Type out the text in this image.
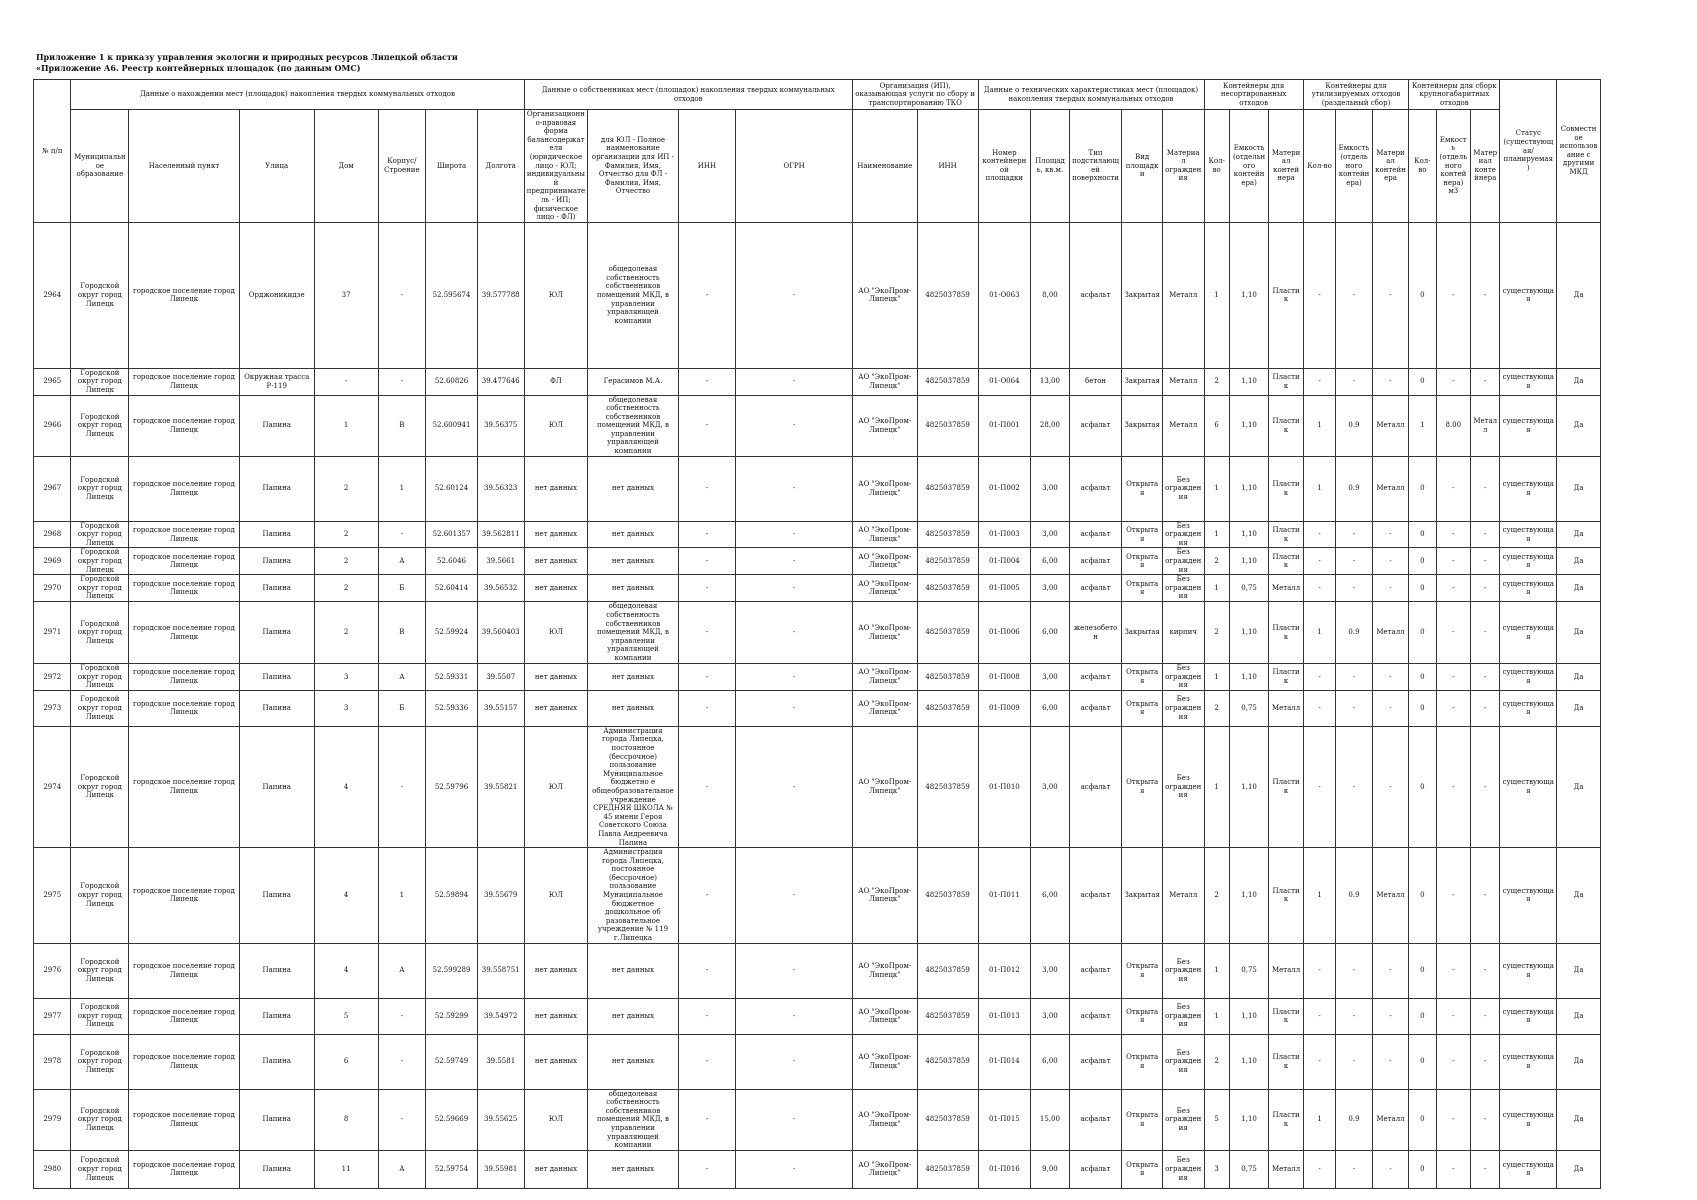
Приложение 1 к приказу управления экологии и природных ресурсов Липецкой области
«Приложение А6. Реестр контейнерных площадок (по данным ОМС)
№ п/п	Данные о нахождении мест (площадок) накопления твердых коммунальных отходов							Данные о собственниках мест (площадок) накопления твердых коммунальных отходов				Организация (ИП), оказывающая услуги по сбору и транспортированию ТКО		Данные о технических характеристиках мест (площадок) накопления твердых коммунальных отходов					Контейнеры для несортированных отходов			Контейнеры для утилизируемых отходов (раздельный сбор)			Контейнеры для сборк крупногабаритных отходов			Статус (существующая/планируемая)	Совместное использование с другими МКД
	Муниципальное образование	Населенный пункт	Улица	Дом	Корпус/Строение	Широта	Долгота	Организационно-правовая форма балансодержателя (юридическое лицо - ЮЛ; индивидуальный предприниматель - ИП; физическое лицо - ФЛ)	для ЮЛ - Полное наименование организации для ИП - Фамилия, Имя, Отчество для ФЛ - Фамилия, Имя, Отчество	ИНН	ОГРН	Наименование	ИНН	Номер контейнерной площадки	Площадь, кв.м.	Тип подстилающей поверхности	Вид площадки	Материал ограждения	Кол-во	Емкость (отдельного контейнера)	Материал контейнера	Кол-во	Емкость (отдельного контейнера)	Материал контейнера	Кол-во	Емкость (отдельного контейнера) м3	Материал контейнера		
2964	Городской округ город Липецк	городское поселение город Липецк	Орджоникидзе	37	-	52.595674	39.577788	ЮЛ	общедолевая собственность собственников помещений МКД, в управлении управляющей компании	-	-	АО "ЭкоПром-Липецк"	4825037859	01-О063	8,00	асфальт	Закрытая	Металл	1	1,10	Пластик	-	-	-	0	-	-	существующая	Да
2965	Городской округ город Липецк	городское поселение город Липецк	Окружная трасса Р-119	-	-	52.60826	39.477646	ФЛ	Герасимов М.А.	-	-	АО "ЭкоПром-Липецк"	4825037859	01-О064	13,00	бетон	Закрытая	Металл	2	1,10	Пластик	-	-	-	0	-	-	существующая	Да
2966	Городской округ город Липецк	городское поселение город Липецк	Папина	1	В	52.600941	39.56375	ЮЛ	общедолевая собственность собственников помещений МКД, в управлении управляющей компании	-	-	АО "ЭкоПром-Липецк"	4825037859	01-П001	28,00	асфальт	Закрытая	Металл	6	1,10	Пластик	1	0.9	Металл	1	8.00	Металл	существующая	Да
2967	Городской округ город Липецк	городское поселение город Липецк	Папина	2	1	52.60124	39.56323	нет данных	нет данных	-	-	АО "ЭкоПром-Липецк"	4825037859	01-П002	3,00	асфальт	Открытая	Без ограждения	1	1,10	Пластик	1	0.9	Металл	0	-	-	существующая	Да
2968	Городской округ город Липецк	городское поселение город Липецк	Папина	2	-	52.601357	39.562811	нет данных	нет данных	-	-	АО "ЭкоПром-Липецк"	4825037859	01-П003	3,00	асфальт	Открытая	Без ограждения	1	1,10	Пластик	-	-	-	0	-	-	существующая	Да
2969	Городской округ город Липецк	городское поселение город Липецк	Папина	2	А	52.6046	39.5661	нет данных	нет данных	-	-	АО "ЭкоПром-Липецк"	4825037859	01-П004	6,00	асфальт	Открытая	Без ограждения	2	1,10	Пластик	-	-	-	0	-	-	существующая	Да
2970	Городской округ город Липецк	городское поселение город Липецк	Папина	2	Б	52.60414	39.56532	нет данных	нет данных	-	-	АО "ЭкоПром-Липецк"	4825037859	01-П005	3,00	асфальт	Открытая	Без ограждения	1	0,75	Металл	-	-	-	0	-	-	существующая	Да
2971	Городской округ город Липецк	городское поселение город Липецк	Папина	2	В	52.59924	39.560403	ЮЛ	общедолевая собственность собственников помещений МКД, в управлении управляющей компании	-	-	АО "ЭкоПром-Липецк"	4825037859	01-П006	6,00	железобетон	Закрытая	кирпич	2	1,10	Пластик	1	0.9	Металл	0	-	-	существующая	Да
2972	Городской округ город Липецк	городское поселение город Липецк	Папина	3	А	52.59331	39.5507	нет данных	нет данных	-	-	АО "ЭкоПром-Липецк"	4825037859	01-П008	3,00	асфальт	Открытая	Без ограждения	1	1,10	Пластик	-	-	-	0	-	-	существующая	Да
2973	Городской округ город Липецк	городское поселение город Липецк	Папина	3	Б	52.59336	39.55157	нет данных	нет данных	-	-	АО "ЭкоПром-Липецк"	4825037859	01-П009	6,00	асфальт	Открытая	Без ограждения	2	0,75	Металл	-	-	-	0	-	-	существующая	Да
2974	Городской округ город Липецк	городское поселение город Липецк	Папина	4	-	52.59796	39.55821	ЮЛ	Администрация города Липецка, постоянное (бессрочное) пользование Муниципальное бюджетно е общеобразовательное учреждение СРЕДНЯЯ ШКОЛА № 45 имени Героя Советского Союза Павла Андреевича Папина	-	-	АО "ЭкоПром-Липецк"	4825037859	01-П010	3,00	асфальт	Открытая	Без ограждения	1	1,10	Пластик	-	-	-	0	-	-	существующая	Да
2975	Городской округ город Липецк	городское поселение город Липецк	Папина	4	1	52.59894	39.55679	ЮЛ	Администрация города Липецка, постоянное (бессрочное) пользование Муниципальное бюджетное дошкольное об разовательное учреждение № 119 г.Липецка	-	-	АО "ЭкоПром-Липецк"	4825037859	01-П011	6,00	асфальт	Закрытая	Металл	2	1,10	Пластик	1	0.9	Металл	0	-	-	существующая	Да
2976	Городской округ город Липецк	городское поселение город Липецк	Папина	4	А	52.599289	39.558751	нет данных	нет данных	-	-	АО "ЭкоПром-Липецк"	4825037859	01-П012	3,00	асфальт	Открытая	Без ограждения	1	0,75	Металл	-	-	-	0	-	-	существующая	Да
2977	Городской округ город Липецк	городское поселение город Липецк	Папина	5	-	52.59299	39.54972	нет данных	нет данных	-	-	АО "ЭкоПром-Липецк"	4825037859	01-П013	3,00	асфальт	Открытая	Без ограждения	1	1,10	Пластик	-	-	-	0	-	-	существующая	Да
2978	Городской округ город Липецк	городское поселение город Липецк	Папина	6	-	52.59749	39.5581	нет данных	нет данных	-	-	АО "ЭкоПром-Липецк"	4825037859	01-П014	6,00	асфальт	Открытая	Без ограждения	2	1,10	Пластик	-	-	-	0	-	-	существующая	Да
2979	Городской округ город Липецк	городское поселение город Липецк	Папина	8	-	52.59669	39.55625	ЮЛ	общедолевая собственность собственников помещений МКД, в управлении управляющей компании	-	-	АО "ЭкоПром-Липецк"	4825037859	01-П015	15,00	асфальт	Открытая	Без ограждения	5	1,10	Пластик	1	0.9	Металл	0	-	-	существующая	Да
2980	Городской округ город Липецк	городское поселение город Липецк	Папина	11	А	52.59754	39.55981	нет данных	нет данных	-	-	АО "ЭкоПром-Липецк"	4825037859	01-П016	9,00	асфальт	Открытая	Без ограждения	3	0,75	Металл	-	-	-	0	-	-	существующая	Да
